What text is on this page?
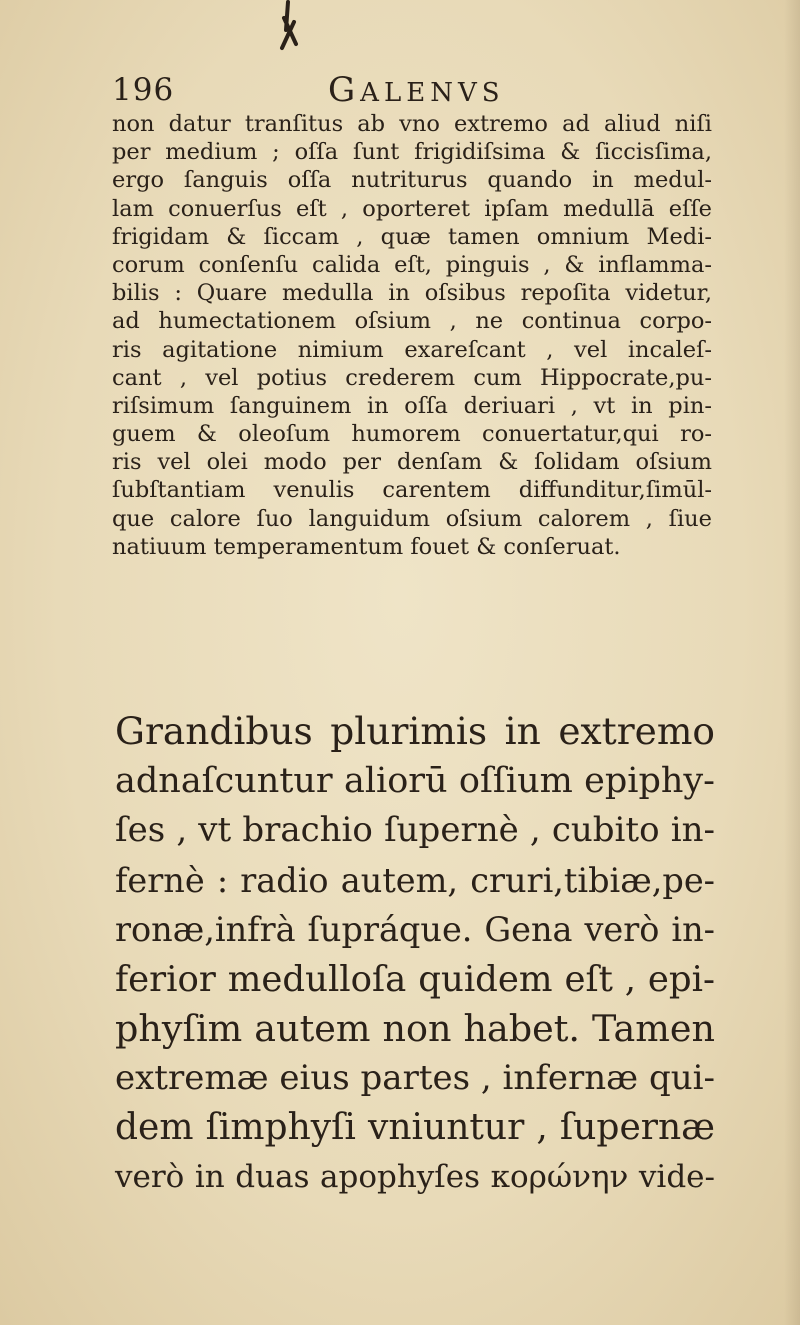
196	GALENVS
non datur tranſitus ab vno extremo ad aliud niſi
per medium ; oſſa ſunt frigidiſsima & ſiccisſima,
ergo ſanguis oſſa nutriturus quando in medul-
lam conuerſus eſt , oporteret ipſam medullā eſſe
frigidam & ſiccam , quæ tamen omnium Medi-
corum conſenſu calida eſt, pinguis , & inflamma-
bilis : Quare medulla in oſsibus repoſita videtur,
ad humectationem oſsium , ne continua corpo-
ris agitatione nimium exareſcant , vel incaleſ-
cant , vel potius crederem cum Hippocrate,pu-
riſsimum ſanguinem in oſſa deriuari , vt in pin-
guem & oleoſum humorem conuertatur,qui ro-
ris vel olei modo per denſam & ſolidam oſsium
ſubſtantiam venulis carentem diffunditur,ſimūl-
que calore ſuo languidum oſsium calorem , ſiue
natiuum temperamentum fouet & conſeruat.
Grandibus plurimis in extremo
adnaſcuntur aliorū oſſium epiphy-
ſes , vt brachio ſupernè , cubito in-
fernè : radio autem, cruri,tibiæ,pe-
ronæ,infrà ſupráque. Gena verò in-
ferior medulloſa quidem eſt , epi-
phyſim autem non habet. Tamen
extremæ eius partes , infernæ qui-
dem ſimphyſi vniuntur , ſupernæ
verò in duas apophyſes κορώνην vide-
